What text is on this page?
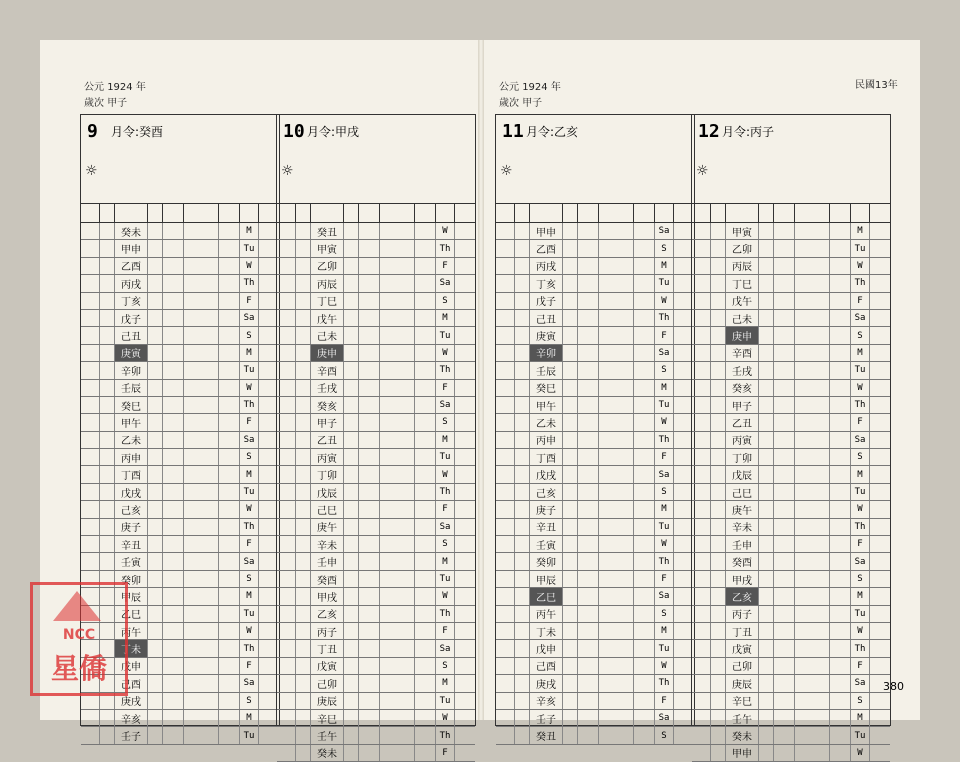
公元 1924 年
歲次 甲子
9 月令:癸酉
☼
癸未	M
甲申	Tu
乙酉	W
丙戌	Th
丁亥	F
戊子	Sa
己丑	S
庚寅	M
辛卯	Tu
壬辰	W
癸巳	Th
甲午	F
乙未	Sa
丙申	S
丁酉	M
戊戌	Tu
己亥	W
庚子	Th
辛丑	F
壬寅	Sa
癸卯	S
甲辰	M
乙巳	Tu
丙午	W
丁未	Th
戊申	F
己酉	Sa
庚戌	S
辛亥	M
壬子	Tu
10 月令:甲戌
☼
癸丑	W
甲寅	Th
乙卯	F
丙辰	Sa
丁巳	S
戊午	M
己未	Tu
庚申	W
辛酉	Th
壬戌	F
癸亥	Sa
甲子	S
乙丑	M
丙寅	Tu
丁卯	W
戊辰	Th
己巳	F
庚午	Sa
辛未	S
壬申	M
癸酉	Tu
甲戌	W
乙亥	Th
丙子	F
丁丑	Sa
戊寅	S
己卯	M
庚辰	Tu
辛巳	W
壬午	Th
癸未	F
公元 1924 年
歲次 甲子
民國13年
11 月令:乙亥
☼
甲申	Sa
乙酉	S
丙戌	M
丁亥	Tu
戊子	W
己丑	Th
庚寅	F
辛卯	Sa
壬辰	S
癸巳	M
甲午	Tu
乙未	W
丙申	Th
丁酉	F
戊戌	Sa
己亥	S
庚子	M
辛丑	Tu
壬寅	W
癸卯	Th
甲辰	F
乙巳	Sa
丙午	S
丁未	M
戊申	Tu
己酉	W
庚戌	Th
辛亥	F
壬子	Sa
癸丑	S
12 月令:丙子
☼
甲寅	M
乙卯	Tu
丙辰	W
丁巳	Th
戊午	F
己未	Sa
庚申	S
辛酉	M
壬戌	Tu
癸亥	W
甲子	Th
乙丑	F
丙寅	Sa
丁卯	S
戊辰	M
己巳	Tu
庚午	W
辛未	Th
壬申	F
癸酉	Sa
甲戌	S
乙亥	M
丙子	Tu
丁丑	W
戊寅	Th
己卯	F
庚辰	Sa
辛巳	S
壬午	M
癸未	Tu
甲申	W
380
NCC
星僑
